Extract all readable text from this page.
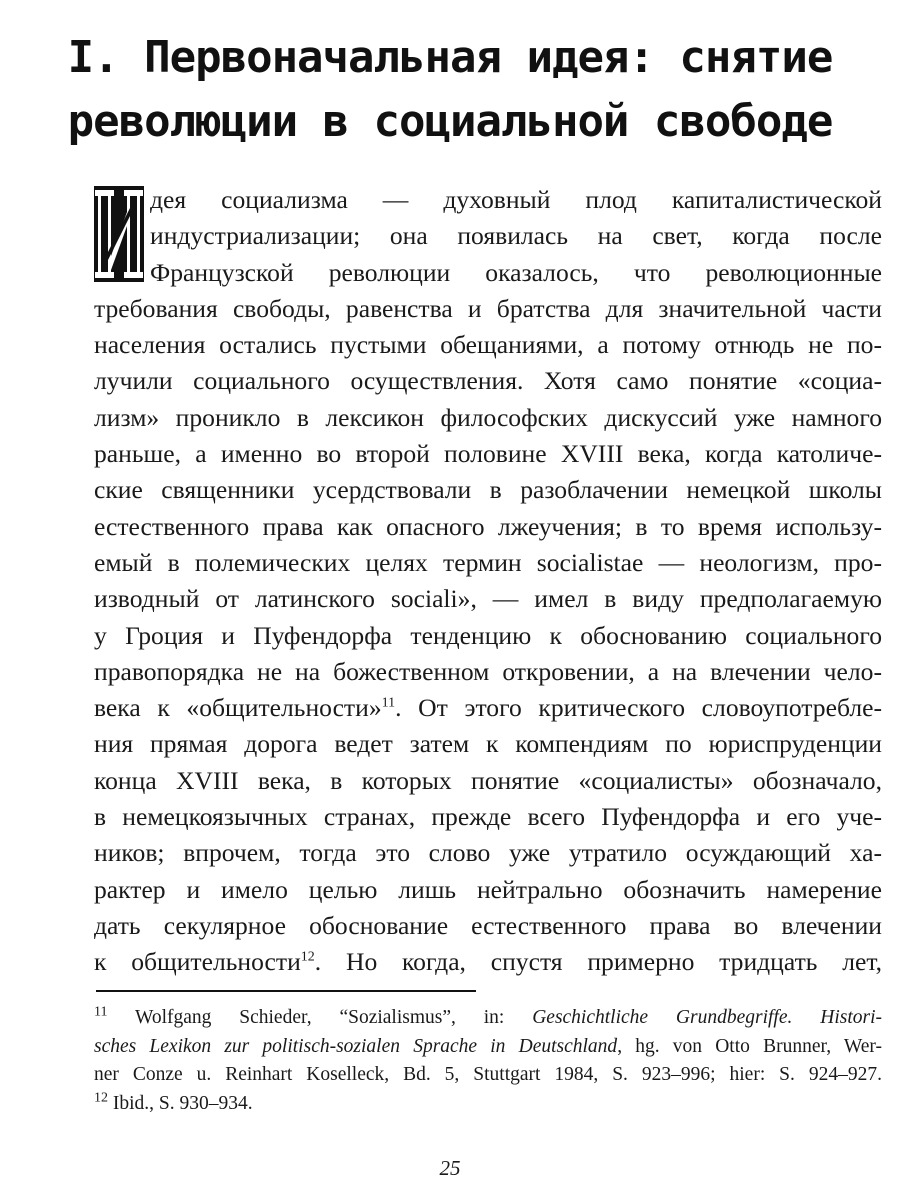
I. Первоначальная идея: снятие
революции в социальной свободе
дея социализма — духовный плод капиталистической
индустриализации; она появилась на свет, когда после
Французской революции оказалось, что революционные
требования свободы, равенства и братства для значительной части
населения остались пустыми обещаниями, а потому отнюдь не по-
лучили социального осуществления. Хотя само понятие «социа-
лизм» проникло в лексикон философских дискуссий уже намного
раньше, а именно во второй половине XVIII века, когда католиче-
ские священники усердствовали в разоблачении немецкой школы
естественного права как опасного лжеучения; в то время использу-
емый в полемических целях термин socialistae — неологизм, про-
изводный от латинского sociali», — имел в виду предполагаемую
у Гроция и Пуфендорфа тенденцию к обоснованию социального
правопорядка не на божественном откровении, а на влечении чело-
века к «общительности»$^{11}$. От этого критического словоупотребле-
ния прямая дорога ведет затем к компендиям по юриспруденции
конца XVIII века, в которых понятие «социалисты» обозначало,
в немецкоязычных странах, прежде всего Пуфендорфа и его уче-
ников; впрочем, тогда это слово уже утратило осуждающий ха-
рактер и имело целью лишь нейтрально обозначить намерение
дать секулярное обоснование естественного права во влечении
к общительности$^{12}$. Но когда, спустя примерно тридцать лет,
$^{11}$ Wolfgang Schieder, “Sozialismus”, in: Geschichtliche Grundbegriffe. Histori-
sches Lexikon zur politisch-sozialen Sprache in Deutschland, hg. von Otto Brunner, Wer-
ner Conze u. Reinhart Koselleck, Bd. 5, Stuttgart 1984, S. 923–996; hier: S. 924–927.
$^{12}$ Ibid., S. 930–934.
25
